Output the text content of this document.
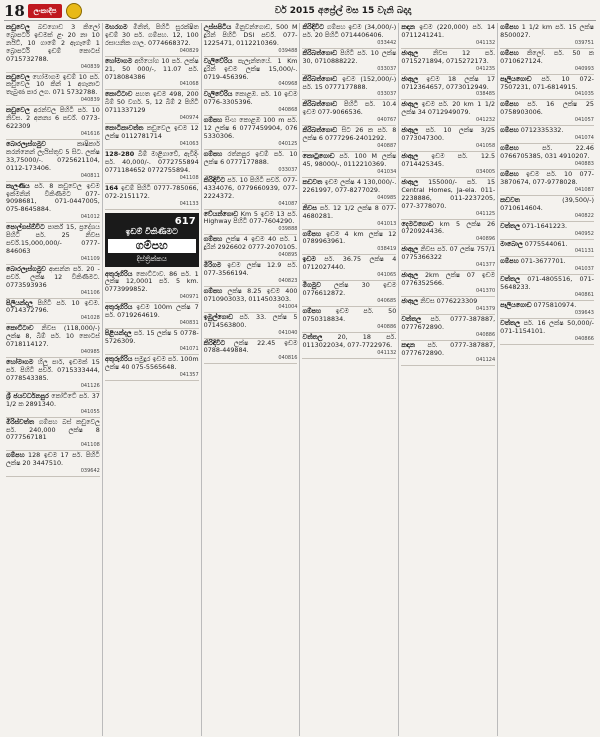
18	ලංකාදීප	වර් 2015 අප්‍රේල් මස 15 වැනි බදාදා
කඩුවෙල බඩගොඩ 3 කිලෝ බ්‍රොපර්ටි ඉඩමක් ළං 20 නා 10 නයිට්, 10 ගාමේ 2 ඇගෑමේ 1 බ්‍රොපර්ටි ඉඩම් කොටස් 0715732788.
040839
කඩුවෙල හෝමාගම ඉඩම් 10 පර්. කඩුවෙල 10 කින් 1 අගෑනාට තැබුණ පාර ලග. 071 5732788.
040839
කඩුවෙල අරන්වල පිහිටි පර්. 10 නිවස. 2 අනන්‍ය 6 පර්ච්. 0773-622309
041616
බොරලැස්ගමුව	කෘෂිකාර් කරන්නෙන් ලැයිස්තුව 5 සිට. ලක්ෂ 33,75000/-. 0725621104, 0112-173406.
040811
කැලණිය පර්. 8 කඩුවෙල ඉඩම ඉක්මනින් විකිණීමට 077-9098681, 071-0447005, 075-8645884.
041012
පොල්ගස්ඕවිට පාර්ක් 15, ප්‍රදේශය පිහිටි පර්. 25 නිවස පර්ච්.15,000,000/- 0777-846063
041109
බොරලැස්ගමුව ආසන්න පර්. 20 - පර්ච්. ලක්ෂ 12 විකිණීමට. 0773593936
041106
පිලියන්දල පිහිටි පර්. 10 ඉඩම. 0714372796.
041028
කොට්ටාව නිවස (118,000/-) ලක්ෂ 8, බිම් පර්. 10 කොටස් 0718114127.
040985
හෝමාගම හිලූ පාර්, ඉඩමක් 15 පර්. පිහිටි පර්ච්. 0715333444, 0778543385.
041126
ශ්‍රී ජයවර්ධනපුර කෝට්ටේ පර්. 37 1/2 ක 2891340.
041055
මිරිස්වත්ත ගම්පහ බස් කඩුවෙල පර්. 240,000 ලක්ෂ 8 0777567181
041108
ගම්පහ 128 ඉඩම 17 පර්. පිහිටි ලක්ෂ 20 3447510.
039642
මහරගම මිනිත්, පිහිටි සුරක්ෂිත ඉඩම් 30 පර්. ගම්පහ. 12, 100 රසායනික ගාල. 0774668372.
040829
හෝමාගම අභියෝග 10 පර්. ලක්ෂ 21, 50 000/-, 11.07 පර්. 0718084386
041068
කොට්ටාව පහත ඉඩම 498, 200 බිම් 50 වර්ග. 5, 12 බිම් 2 පිහිටි 0711337129
040974
කොටිකාවත්ත කඩුවෙල ඉඩම 12 ලක්ෂ 0112781714
041063
128-280 බිම් මාළිගාවේ, ඇවිදිං පර්. 40,000/-. 0772755894 0771184652 0772755894.
041108
164 ඉඩම් පිහිටි 0777-785066, 072-2151172.
041133
617
ඉඩම් විකිණීමට
ගම්පහ
දිස්ත්‍රික්කය
අතුරුගිරිය කොට්ටාව. 86 පර්. 1 ලක්ෂ 12,0001 පර්. 5 km. 0773999852.
040971
අතුරුගිරිය ඉඩම 100m ලක්ෂ 7 පර්. 0719264619.
040831
පිළියන්දල පර්. 15 ලක්ෂ 5 0778-5726309.
041071
අතුරුගිරිය සමුදුර ඉඩම පර්. 100m ලක්ෂ 40 075-5565648.
041357
උස්සපිටිය මිනුවන්ගොඩ, 500 M දුරින් පිහිටි DSI පර්ච්. 077-1225471, 0112210369.
039488
වැලිවේරිය පැලැන්තයේ. 1 Km දුරින් ඉඩම ලක්ෂ 15,000/-. 0719-456396.
040968
වැලිවේරිය කොළඹ. පර්. 10 ඉඩම 0776-3305396.
040868
ගම්පහ සිංහ කොළඹ 100 m පර්. 12 ලක්ෂ 6 0777459904, 076 5330306.
040125
ගම්පහ රත්නපුර ඉඩම් පර්. 10 ලක්ෂ 6 0777177888.
033037
කිරිඳිවිට පර්. 10 පිහිටි පර්ච්. 077-4334076, 0779660939, 077-2224372.
041087
වේයන්ගොඩ Km 5 ඉඩම 13 පර්. Highway පිහිටි 077-7604290.
039888
ගම්පහ ලක්ෂ 4 ඉඩම 40 පර්. 1 දුරින් 2926602 0777-2070105.
040895
මීරිගම ඉඩම ලක්ෂ 12.9 පර්. 077-3566194.
040823
ගම්පහ ලක්ෂ 8.25 ඉඩම 400 0710903033, 0114503303.
041004
ඉඹුල්ගොඩ පර්. 33. ලක්ෂ 5 0714563800.
041040
කිරිඳිවිට ලක්ෂ 22.45 ඉඩම 0788-449884.
040816
කිරිඳිවිට ගම්පහ ඉඩම (34,000/-) පර්. 20 පිහිටි 0714406406.
033442
කිරිබත්ගොඩ පිහිටි පර්. 10 ලක්ෂ 30, 0710888222.
033037
කිරිබත්ගොඩ ඉඩම (152,000/-) පර්. 15 0777177888.
033037
කිරිබත්ගොඩ පිහිටි පර්. 10.4 ඉඩම 077-9066536.
040767
කිරිබත්ගොඩ සිට 26 ක පර්. 8 ලක්ෂ 6 0777296-2401292.
040887
කොටුගොඩ පර්. 100 M ලක්ෂ 45, 98000/-, 0112210369.
041034
කඩවත ඉඩම ලක්ෂ 4 130,000/-. 2261997, 077-8277029.
040985
නිවස පර්. 12 1/2 ලක්ෂ 8 077-4680281.
041013
ගම්පහ ඉඩම 4 km ලක්ෂ 12 0789963961.
038419
ඉඩම පර්. 36.75 ලක්ෂ 4 0712027440.
041065
මීගමුව ලක්ෂ 30 ඉඩම 0776612872.
040685
ගම්පහ ඉඩම පර්. 50 0750318834.
040886
වත්තල 20, 18 පර්. 0113022034, 077-7722976.
041132
කඳාන ඉඩම (220,000) පර්. 14 0711241241.
041132
ජාඇල නිවස 12 පර්. 0715271894, 0715272173.
041235
ජාඇල ඉඩම 18 ලක්ෂ 17 0712364657, 0773012949.
038485
ජාඇල ඉඩම පර්. 20 km 1 1/2 ලක්ෂ 34 0712949079.
041232
ජාඇල පර්. 10 ලක්ෂ 3/25 0773047300.
041058
ජාඇල ඉඩම පර්. 12.5 0714425345.
034005
ජාඇල 155000/- පර්. 15 Central Homes, Ja-ela. 011-2238886, 011-2237205, 077-3778070.
041125
දෙමටගොඩ km 5 ලක්ෂ 26 0720924436.
040896
ජාඇල නිවස පර්. 07 ලක්ෂ 757/1 0775366322
041377
ජාඇල 2km ලක්ෂ 07 ඉඩම 0776352566.
041370
ජාඇල නිවස 0776223309
041379
වත්තල පර්. 0777-387887, 0777672890.
040886
කඳාන පර්. 0777-387887, 0777672890.
041124
ගම්පහ 1 1/2 km පර්. 15 ලක්ෂ 8500027.
039751
ගම්පහ කිලෝ. පර්. 50 ක 0710627124.
040993
පෑලියගොඩ පර්. 10 072-7507231, 071-6814915.
041035
ගම්පහ පර්. 16 ලක්ෂ 25 0758903006.
041057
ගම්පහ 0712335332.
041074
ගම්පහ	පර්. 22.46 0766705385, 031 4910207.
040883
ගම්පහ ඉඩම පර්. 10 077-3870674, 077-9778028.
041087
කඩවත	(39,500/-) 0710614604.
040822
වත්තල 071-1641223.
040952
මාබොල 0775544061.
041131
ගම්පහ 071-3677701.
041037
වත්තල 071-4805516, 071-5648233.
040861
පෑලියගොඩ 0775810974.
039643
වත්තල පර්. 16 ලක්ෂ 50,000/- 071-1154101.
040866
